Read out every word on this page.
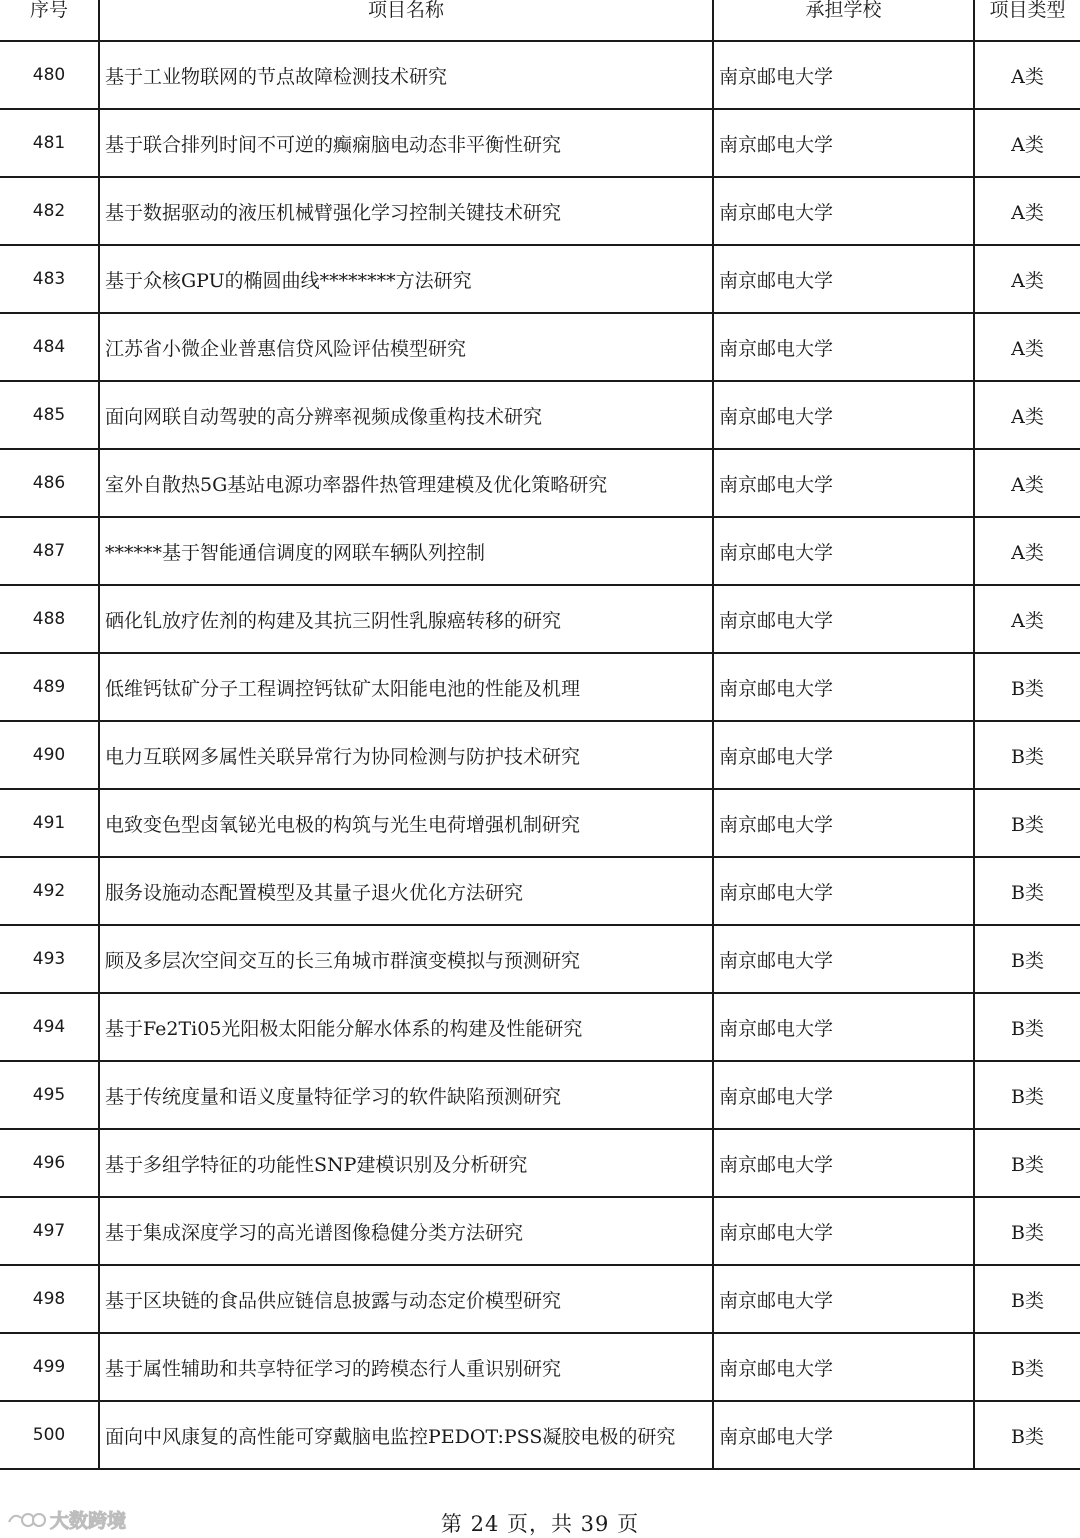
序号	项目名称	承担学校	项目类型
480	基于工业物联网的节点故障检测技术研究	南京邮电大学	A类
481	基于联合排列时间不可逆的癫痫脑电动态非平衡性研究	南京邮电大学	A类
482	基于数据驱动的液压机械臂强化学习控制关键技术研究	南京邮电大学	A类
483	基于众核GPU的椭圆曲线********方法研究	南京邮电大学	A类
484	江苏省小微企业普惠信贷风险评估模型研究	南京邮电大学	A类
485	面向网联自动驾驶的高分辨率视频成像重构技术研究	南京邮电大学	A类
486	室外自散热5G基站电源功率器件热管理建模及优化策略研究	南京邮电大学	A类
487	******基于智能通信调度的网联车辆队列控制	南京邮电大学	A类
488	硒化钆放疗佐剂的构建及其抗三阴性乳腺癌转移的研究	南京邮电大学	A类
489	低维钙钛矿分子工程调控钙钛矿太阳能电池的性能及机理	南京邮电大学	B类
490	电力互联网多属性关联异常行为协同检测与防护技术研究	南京邮电大学	B类
491	电致变色型卤氧铋光电极的构筑与光生电荷增强机制研究	南京邮电大学	B类
492	服务设施动态配置模型及其量子退火优化方法研究	南京邮电大学	B类
493	顾及多层次空间交互的长三角城市群演变模拟与预测研究	南京邮电大学	B类
494	基于Fe2Ti05光阳极太阳能分解水体系的构建及性能研究	南京邮电大学	B类
495	基于传统度量和语义度量特征学习的软件缺陷预测研究	南京邮电大学	B类
496	基于多组学特征的功能性SNP建模识别及分析研究	南京邮电大学	B类
497	基于集成深度学习的高光谱图像稳健分类方法研究	南京邮电大学	B类
498	基于区块链的食品供应链信息披露与动态定价模型研究	南京邮电大学	B类
499	基于属性辅助和共享特征学习的跨模态行人重识别研究	南京邮电大学	B类
500	面向中风康复的高性能可穿戴脑电监控PEDOT:PSS凝胶电极的研究	南京邮电大学	B类
大数跨境	第 24 页，共 39 页
